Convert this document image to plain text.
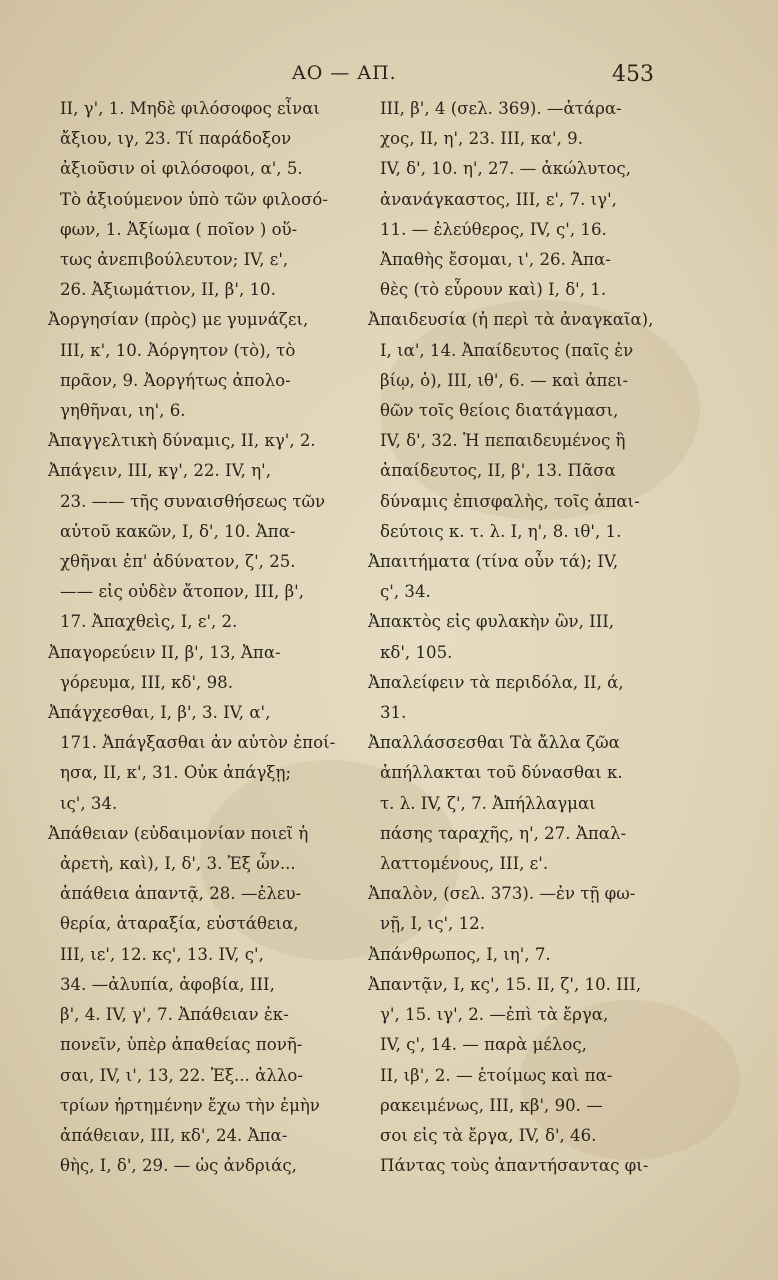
ΑΟ — ΑΠ.	453
II, γ', 1. Μηδὲ φιλόσοφος εἶναι
ἄξιου, ιγ, 23. Τί παράδοξον
ἀξιοῦσιν οἱ φιλόσοφοι, α', 5.
Τὸ ἀξιούμενον ὑπὸ τῶν φιλοσό-
φων, 1. Ἀξίωμα ( ποῖον ) οὕ-
τως ἀνεπιβούλευτον; IV, ε',
26. Ἀξιωμάτιον, II, β', 10.
Ἀοργησίαν (πρὸς) με γυμνάζει,
III, κ', 10. Ἀόργητον (τὸ), τὸ
πρᾶον, 9. Ἀοργήτως ἀπολο-
γηθῆναι, ιη', 6.
Ἀπαγγελτικὴ δύναμις, II, κγ', 2.
Ἀπάγειν, III, κγ', 22. IV, η',
23. —— τῆς συναισθήσεως τῶν
αὐτοῦ κακῶν, I, δ', 10. Ἀπα-
χθῆναι ἐπ' ἀδύνατον, ζ', 25.
—— εἰς οὐδὲν ἄτοπον, III, β',
17. Ἀπαχθεὶς, I, ε', 2.
Ἀπαγορεύειν II, β', 13, Ἀπα-
γόρευμα, III, κδ', 98.
Ἀπάγχεσθαι, I, β', 3. IV, α',
171. Ἀπάγξασθαι ἀν αὐτὸν ἐποί-
ησα, II, κ', 31. Οὐκ ἀπάγξῃ;
ις', 34.
Ἀπάθειαν (εὐδαιμονίαν ποιεῖ ἡ
ἀρετὴ, καὶ), I, δ', 3. Ἐξ ὧν...
ἀπάθεια ἀπαντᾷ, 28. —ἐλευ-
θερία, ἀταραξία, εὐστάθεια,
III, ιε', 12. κς', 13. IV, ς',
34. —ἀλυπία, ἀφοβία, III,
β', 4. IV, γ', 7. Ἀπάθειαν ἐκ-
πονεῖν, ὑπὲρ ἀπαθείας πονῆ-
σαι, IV, ι', 13, 22. Ἐξ... ἀλλο-
τρίων ἠρτημένην ἔχω τὴν ἐμὴν
ἀπάθειαν, III, κδ', 24. Ἀπα-
θὴς, I, δ', 29. — ὡς ἀνδριάς,
III, β', 4 (σελ. 369). —ἀτάρα-
χος, II, η', 23. III, κα', 9.
IV, δ', 10. η', 27. — ἀκώλυτος,
ἀνανάγκαστος, III, ε', 7. ιγ',
11. — ἐλεύθερος, IV, ς', 16.
Ἀπαθὴς ἔσομαι, ι', 26. Ἀπα-
θὲς (τὸ εὗρουν καὶ) I, δ', 1.
Ἀπαιδευσία (ἡ περὶ τὰ ἀναγκαῖα),
I, ια', 14. Ἀπαίδευτος (παῖς ἐν
βίῳ, ὁ), III, ιθ', 6. — καὶ ἀπει-
θῶν τοῖς θείοις διατάγμασι,
IV, δ', 32. Ἡ πεπαιδευμένος ἢ
ἀπαίδευτος, II, β', 13. Πᾶσα
δύναμις ἐπισφαλὴς, τοῖς ἀπαι-
δεύτοις κ. τ. λ. I, η', 8. ιθ', 1.
Ἀπαιτήματα (τίνα οὖν τά); IV,
ς', 34.
Ἀπακτὸς εἰς φυλακὴν ὢν, III,
κδ', 105.
Ἀπαλείφειν τὰ περιδόλα, II, ά,
31.
Ἀπαλλάσσεσθαι Τὰ ἄλλα ζῶα
ἀπήλλακται τοῦ δύνασθαι κ.
τ. λ. IV, ζ', 7. Ἀπήλλαγμαι
πάσης ταραχῆς, η', 27. Ἀπαλ-
λαττομένους, III, ε'.
Ἀπαλὸν, (σελ. 373). —ἐν τῇ φω-
νῇ, I, ις', 12.
Ἀπάνθρωπος, I, ιη', 7.
Ἀπαντᾷν, I, κς', 15. II, ζ', 10. III,
γ', 15. ιγ', 2. —ἐπὶ τὰ ἔργα,
IV, ς', 14. — παρὰ μέλος,
II, ιβ', 2. — ἑτοίμως καὶ πα-
ρακειμένως, III, κβ', 90. —
σοι εἰς τὰ ἔργα, IV, δ', 46.
Πάντας τοὺς ἀπαντήσαντας φι-
